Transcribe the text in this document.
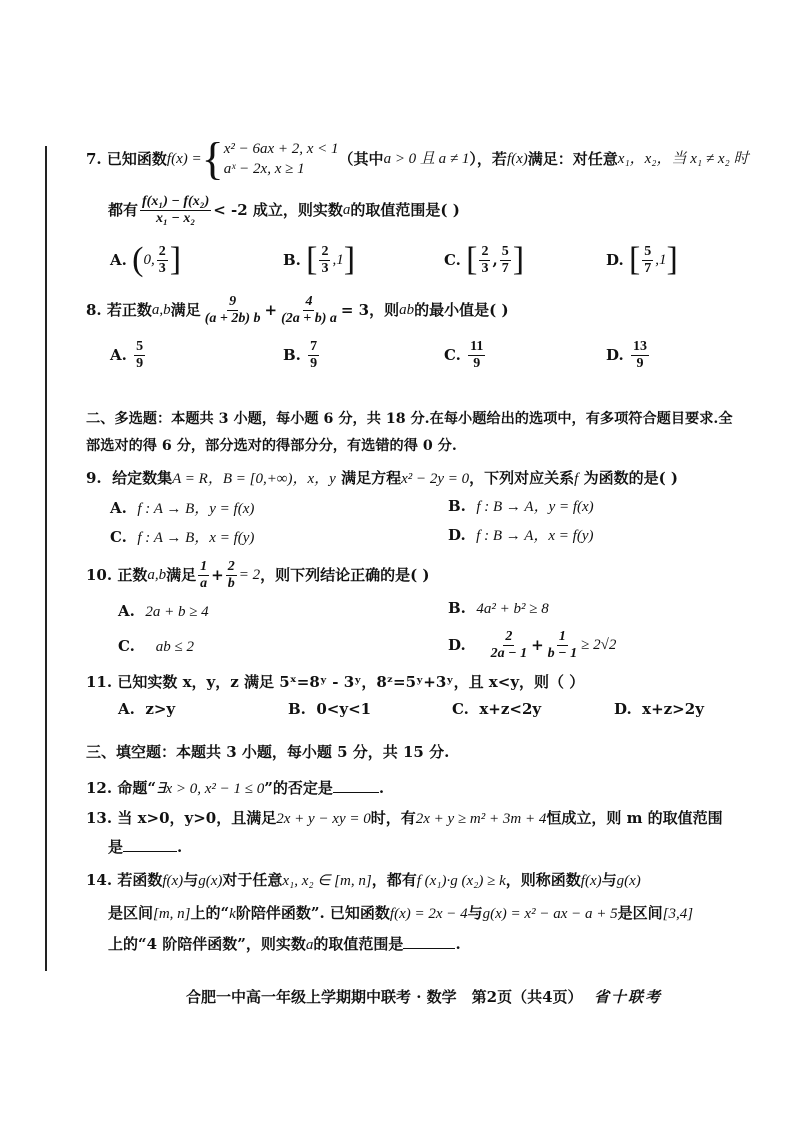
7.
已知函数 f(x) = { x² − 6ax + 2, x < 1
aˣ − 2x, x ≥ 1
（其中 a > 0 且 a ≠ 1 ），若 f(x) 满足：对任意 x₁，x₂，当 x₁ ≠ x₂ 时
都有 $\frac{\text{f(x₁) − f(x₂)}}{\text{x₁ − x₂}} < -2$ 成立，则实数 a 的取值范围是( )
A.
( 0, $\frac{2}{3}$ ]	B.
[ $\frac{2}{3} ,1$ ]	C.
[ $\frac{2}{3}$ , $\frac{5}{7}$ ]	D.
[ $\frac{5}{7} ,1$ ]
8.
若正数 a,b 满足 $\frac{9}{(a + 2b) b} + \frac{4}{(2a + b) a} = 3$，则 ab 的最小值是( )
A.
$\frac{5}{9}$	B.
$\frac{7}{9}$	C.
$\frac{11}{9}$	D.
$\frac{13}{9}$
二、多选题：本题共 3 小题，每小题 6 分，共 18 分.在每小题给出的选项中，有多项符合题目要求.全
部选对的得 6 分，部分选对的得部分分，有选错的得 0 分.
9. 给定数集A = R，B = [0,+∞)，x，y 满足方程x² − 2y = 0，下列对应关系f 为函数的是( )
A. f : A → B，y = f(x)	B. f : B → A，y = f(x)
C. f : A → B，x = f(y)	D. f : B → A，x = f(y)
10.
正数 a,b 满足 $\frac{1}{a} + \frac{2}{b} = 2$ ，则下列结论正确的是( )
A. 2a + b ≥ 4	B. 4a² + b² ≥ 8
C. ab ≤ 2	D.
$\frac{2}{2a - 1} + \frac{1}{b - 1} \ge 2√2$
11. 已知实数 x，y，z 满足 5ˣ=8ʸ - 3ʸ，8ᶻ=5ʸ+3ʸ，且 x<y，则（ ）
A. z>y	B. 0<y<1	C. x+z<2y	D. x+z>2y
三、填空题：本题共 3 小题，每小题 5 分，共 15 分.
12. 命题“∃x > 0, x² − 1 ≤ 0”的否定是	.
13. 当 x>0，y>0，且满足2x + y − xy = 0时，有2x + y ≥ m² + 3m + 4恒成立，则 m 的取值范围
是	.
14. 若函数f(x)与g(x)对于任意x₁, x₂ ∈ [m, n]，都有f (x₁)·g (x₂) ≥ k，则称函数f(x)与g(x)
是区间[m, n]上的“k阶陪伴函数”. 已知函数f(x) = 2x − 4与g(x) = x² − ax − a + 5是区间[3,4]
上的“4 阶陪伴函数”，则实数a的取值范围是	.
合肥一中高一年级上学期期中联考 · 数学　第2页（共4页） 省十联考
